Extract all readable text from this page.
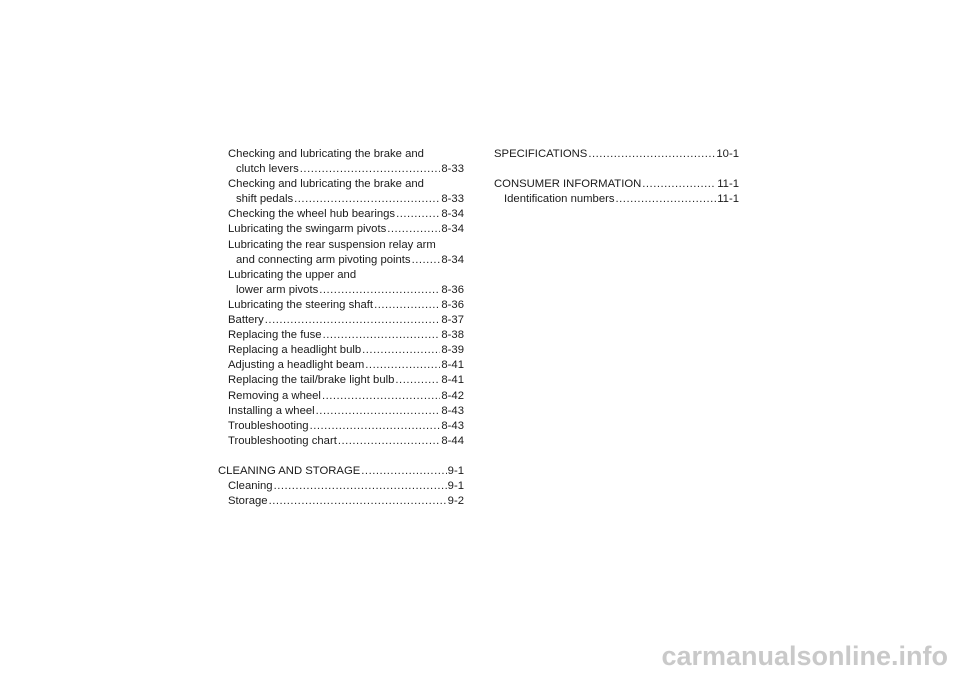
Checking and lubricating the brake and
clutch levers .....	8-33
Checking and lubricating the brake and
shift pedals .....	8-33
Checking the wheel hub bearings .....	8-34
Lubricating the swingarm pivots .....	8-34
Lubricating the rear suspension relay arm
and connecting arm pivoting points .....	8-34
Lubricating the upper and
lower arm pivots .....	8-36
Lubricating the steering shaft .....	8-36
Battery .....	8-37
Replacing the fuse .....	8-38
Replacing a headlight bulb .....	8-39
Adjusting a headlight beam .....	8-41
Replacing the tail/brake light bulb .....	8-41
Removing a wheel .....	8-42
Installing a wheel .....	8-43
Troubleshooting .....	8-43
Troubleshooting chart .....	8-44
CLEANING AND STORAGE .....	9-1
Cleaning .....	9-1
Storage .....	9-2
SPECIFICATIONS .....	10-1
CONSUMER INFORMATION .....	11-1
Identification numbers .....	11-1
carmanualsonline.info
